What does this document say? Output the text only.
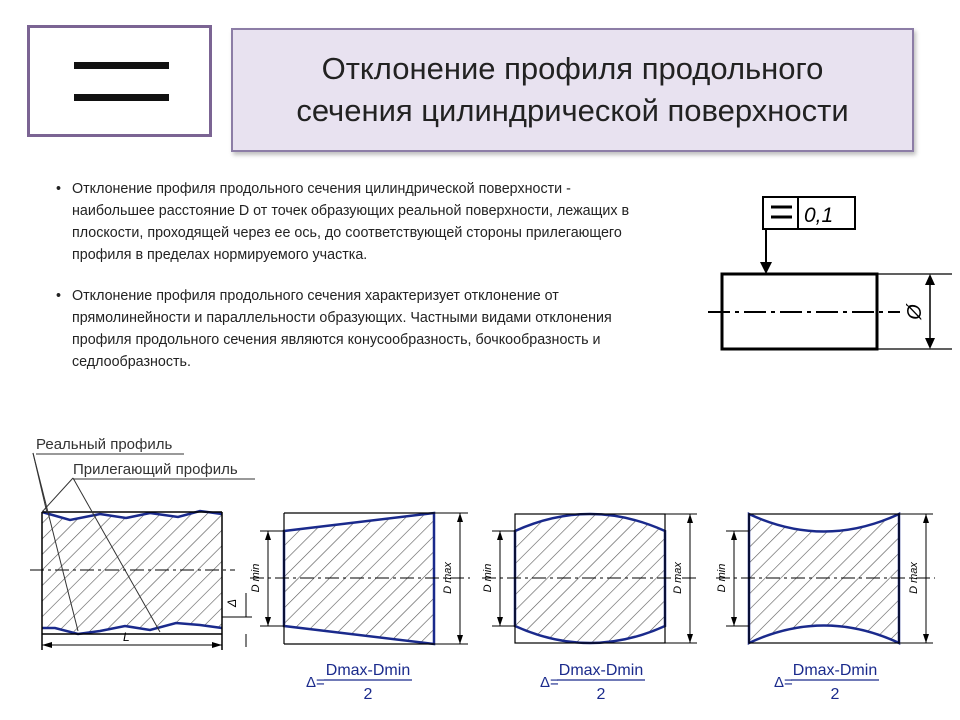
Отклонение профиля продольного
сечения цилиндрической поверхности
• Отклонение профиля продольного сечения цилиндрической поверхности - наибольшее расстояние D от точек образующих реальной поверхности, лежащих в плоскости, проходящей через ее ось, до соответствующей стороны прилегающего профиля в пределах нормируемого участка.
• Отклонение профиля продольного сечения характеризует отклонение от прямолинейности и параллельности образующих. Частными видами отклонения профиля продольного сечения являются конусообразность, бочкообразность и седлообразность.
0,1
Ø
Реальный профиль
Прилегающий профиль
L
Δ
D min	D max
Δ=
Dmax-Dmin
2
D min	D max
Δ=
Dmax-Dmin
2
D min	D max
Δ=
Dmax-Dmin
2
